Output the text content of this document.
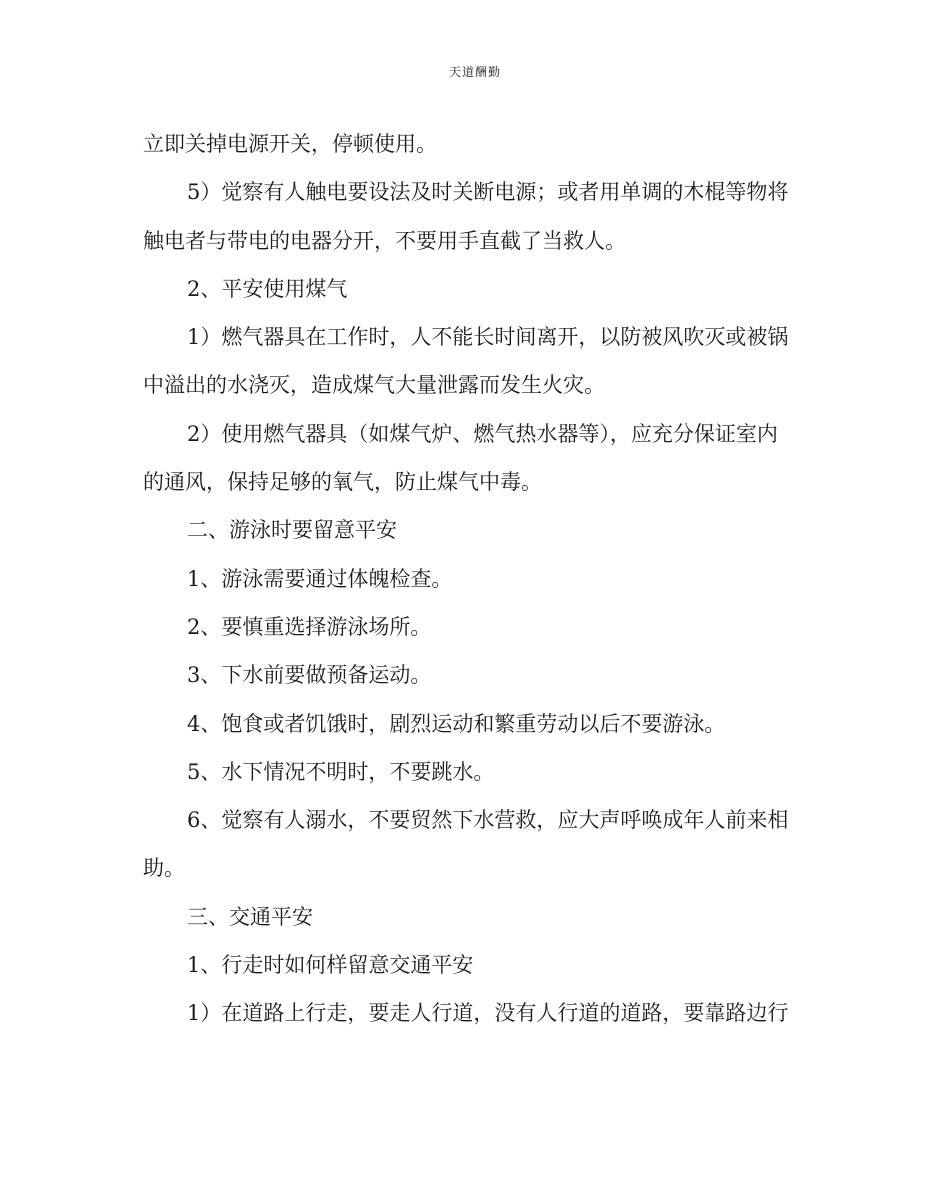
天道酬勤
立即关掉电源开关，停顿使用。
5）觉察有人触电要设法及时关断电源；或者用单调的木棍等物将
触电者与带电的电器分开，不要用手直截了当救人。
2、平安使用煤气
1）燃气器具在工作时，人不能长时间离开，以防被风吹灭或被锅
中溢出的水浇灭，造成煤气大量泄露而发生火灾。
2）使用燃气器具（如煤气炉、燃气热水器等），应充分保证室内
的通风，保持足够的氧气，防止煤气中毒。
二、游泳时要留意平安
1、游泳需要通过体魄检查。
2、要慎重选择游泳场所。
3、下水前要做预备运动。
4、饱食或者饥饿时，剧烈运动和繁重劳动以后不要游泳。
5、水下情况不明时，不要跳水。
6、觉察有人溺水，不要贸然下水营救，应大声呼唤成年人前来相
助。
三、交通平安
1、行走时如何样留意交通平安
1）在道路上行走，要走人行道，没有人行道的道路，要靠路边行
